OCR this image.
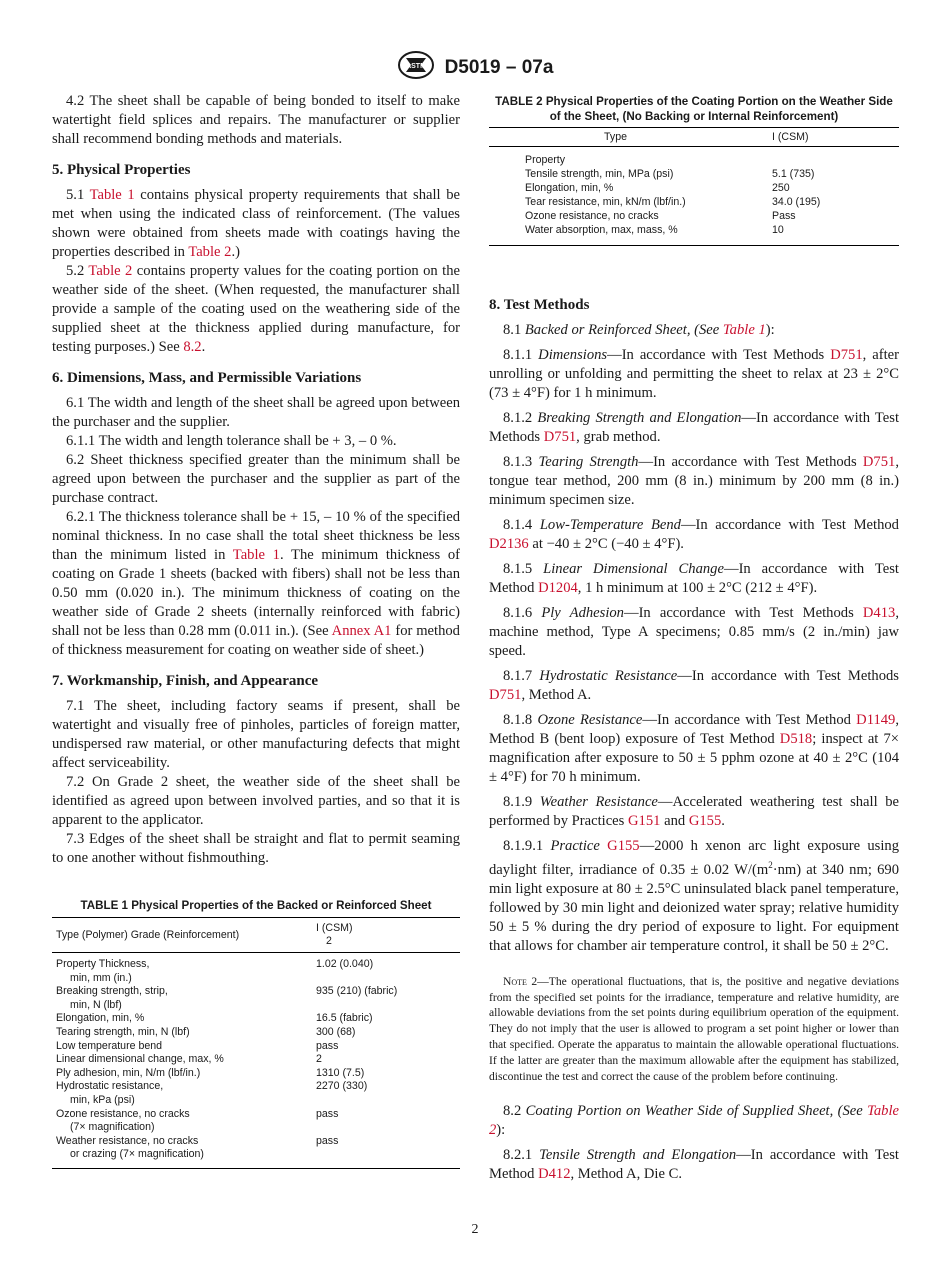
ASTM D5019 – 07a

4.2 The sheet shall be capable of being bonded to itself to make watertight field splices and repairs. The manufacturer or supplier shall recommend bonding methods and materials.

5. Physical Properties

5.1 Table 1 contains physical property requirements that shall be met when using the indicated class of reinforcement. (The values shown were obtained from sheets made with coatings having the properties described in Table 2.)

5.2 Table 2 contains property values for the coating portion on the weather side of the sheet. (When requested, the manufacturer shall provide a sample of the coating used on the weathering side of the supplied sheet at the thickness applied during manufacture, for testing purposes.) See 8.2.

6. Dimensions, Mass, and Permissible Variations

6.1 The width and length of the sheet shall be agreed upon between the purchaser and the supplier.

6.1.1 The width and length tolerance shall be + 3, – 0 %.

6.2 Sheet thickness specified greater than the minimum shall be agreed upon between the purchaser and the supplier as part of the purchase contract.

6.2.1 The thickness tolerance shall be + 15, – 10 % of the specified nominal thickness. In no case shall the total sheet thickness be less than the minimum listed in Table 1. The minimum thickness of coating on Grade 1 sheets (backed with fibers) shall not be less than 0.50 mm (0.020 in.). The minimum thickness of coating on the weather side of Grade 2 sheets (internally reinforced with fabric) shall not be less than 0.28 mm (0.011 in.). (See Annex A1 for method of thickness measurement for coating on weather side of sheet.)

7. Workmanship, Finish, and Appearance

7.1 The sheet, including factory seams if present, shall be watertight and visually free of pinholes, particles of foreign matter, undispersed raw material, or other manufacturing defects that might affect serviceability.

7.2 On Grade 2 sheet, the weather side of the sheet shall be identified as agreed upon between involved parties, and so that it is apparent to the applicator.

7.3 Edges of the sheet shall be straight and flat to permit seaming to one another without fishmouthing.

TABLE 1 Physical Properties of the Backed or Reinforced Sheet
Type (Polymer) Grade (Reinforcement)	I (CSM)
2
Property Thickness,
min, mm (in.)	1.02 (0.040)
Breaking strength, strip,
min, N (lbf)	935 (210) (fabric)
Elongation, min, %	16.5 (fabric)
Tearing strength, min, N (lbf)	300 (68)
Low temperature bend	pass
Linear dimensional change, max, %	2
Ply adhesion, min, N/m (lbf/in.)	1310 (7.5)
Hydrostatic resistance,
min, kPa (psi)	2270 (330)
Ozone resistance, no cracks
(7× magnification)	pass
Weather resistance, no cracks
or crazing (7× magnification)	pass
TABLE 2 Physical Properties of the Coating Portion on the Weather Side of the Sheet, (No Backing or Internal Reinforcement)
Type	I (CSM)
Property	
Tensile strength, min, MPa (psi)	5.1 (735)
Elongation, min, %	250
Tear resistance, min, kN/m (lbf/in.)	34.0 (195)
Ozone resistance, no cracks	Pass
Water absorption, max, mass, %	10
8. Test Methods

8.1 Backed or Reinforced Sheet, (See Table 1):

8.1.1 Dimensions—In accordance with Test Methods D751, after unrolling or unfolding and permitting the sheet to relax at 23 ± 2°C (73 ± 4°F) for 1 h minimum.

8.1.2 Breaking Strength and Elongation—In accordance with Test Methods D751, grab method.

8.1.3 Tearing Strength—In accordance with Test Methods D751, tongue tear method, 200 mm (8 in.) minimum by 200 mm (8 in.) minimum specimen size.

8.1.4 Low-Temperature Bend—In accordance with Test Method D2136 at −40 ± 2°C (−40 ± 4°F).

8.1.5 Linear Dimensional Change—In accordance with Test Method D1204, 1 h minimum at 100 ± 2°C (212 ± 4°F).

8.1.6 Ply Adhesion—In accordance with Test Methods D413, machine method, Type A specimens; 0.85 mm/s (2 in./min) jaw speed.

8.1.7 Hydrostatic Resistance—In accordance with Test Methods D751, Method A.

8.1.8 Ozone Resistance—In accordance with Test Method D1149, Method B (bent loop) exposure of Test Method D518; inspect at 7× magnification after exposure to 50 ± 5 pphm ozone at 40 ± 2°C (104 ± 4°F) for 70 h minimum.

8.1.9 Weather Resistance—Accelerated weathering test shall be performed by Practices G151 and G155.

8.1.9.1 Practice G155—2000 h xenon arc light exposure using daylight filter, irradiance of 0.35 ± 0.02 $W/(m^2\cdot nm)$ at 340 nm; 690 min light exposure at 80 ± 2.5°C uninsulated black panel temperature, followed by 30 min light and deionized water spray; relative humidity 50 ± 5 % during the dry period of exposure to light. For equipment that allows for chamber air temperature control, it shall be 50 ± 2°C.

Note 2—The operational fluctuations, that is, the positive and negative deviations from the specified set points for the irradiance, temperature and relative humidity, are allowable deviations from the set points during equilibrium operation of the equipment. They do not imply that the user is allowed to program a set point higher or lower than that specified. Operate the apparatus to maintain the allowable operational fluctuations. If the latter are greater than the maximum allowable after the equipment has stabilized, discontinue the test and correct the cause of the problem before continuing.

8.2 Coating Portion on Weather Side of Supplied Sheet, (See Table 2):

8.2.1 Tensile Strength and Elongation—In accordance with Test Method D412, Method A, Die C.

2
